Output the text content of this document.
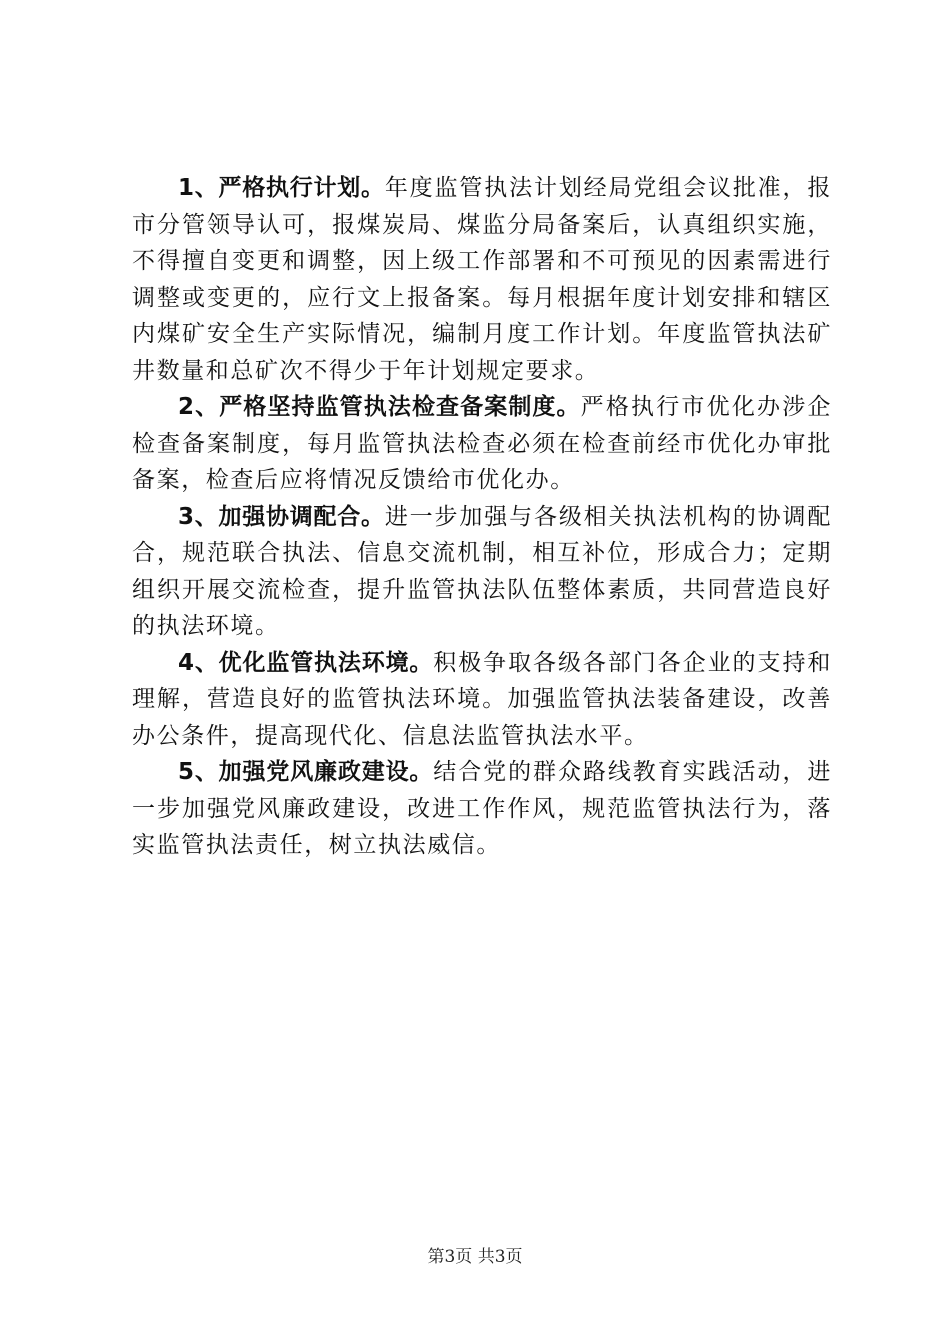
1、严格执行计划。年度监管执法计划经局党组会议批准，报市分管领导认可，报煤炭局、煤监分局备案后，认真组织实施，不得擅自变更和调整，因上级工作部署和不可预见的因素需进行调整或变更的，应行文上报备案。每月根据年度计划安排和辖区内煤矿安全生产实际情况，编制月度工作计划。年度监管执法矿井数量和总矿次不得少于年计划规定要求。

2、严格坚持监管执法检查备案制度。严格执行市优化办涉企检查备案制度，每月监管执法检查必须在检查前经市优化办审批备案，检查后应将情况反馈给市优化办。

3、加强协调配合。进一步加强与各级相关执法机构的协调配合，规范联合执法、信息交流机制，相互补位，形成合力；定期组织开展交流检查，提升监管执法队伍整体素质，共同营造良好的执法环境。

4、优化监管执法环境。积极争取各级各部门各企业的支持和理解，营造良好的监管执法环境。加强监管执法装备建设，改善办公条件，提高现代化、信息法监管执法水平。

5、加强党风廉政建设。结合党的群众路线教育实践活动，进一步加强党风廉政建设，改进工作作风，规范监管执法行为，落实监管执法责任，树立执法威信。

第3页 共3页
